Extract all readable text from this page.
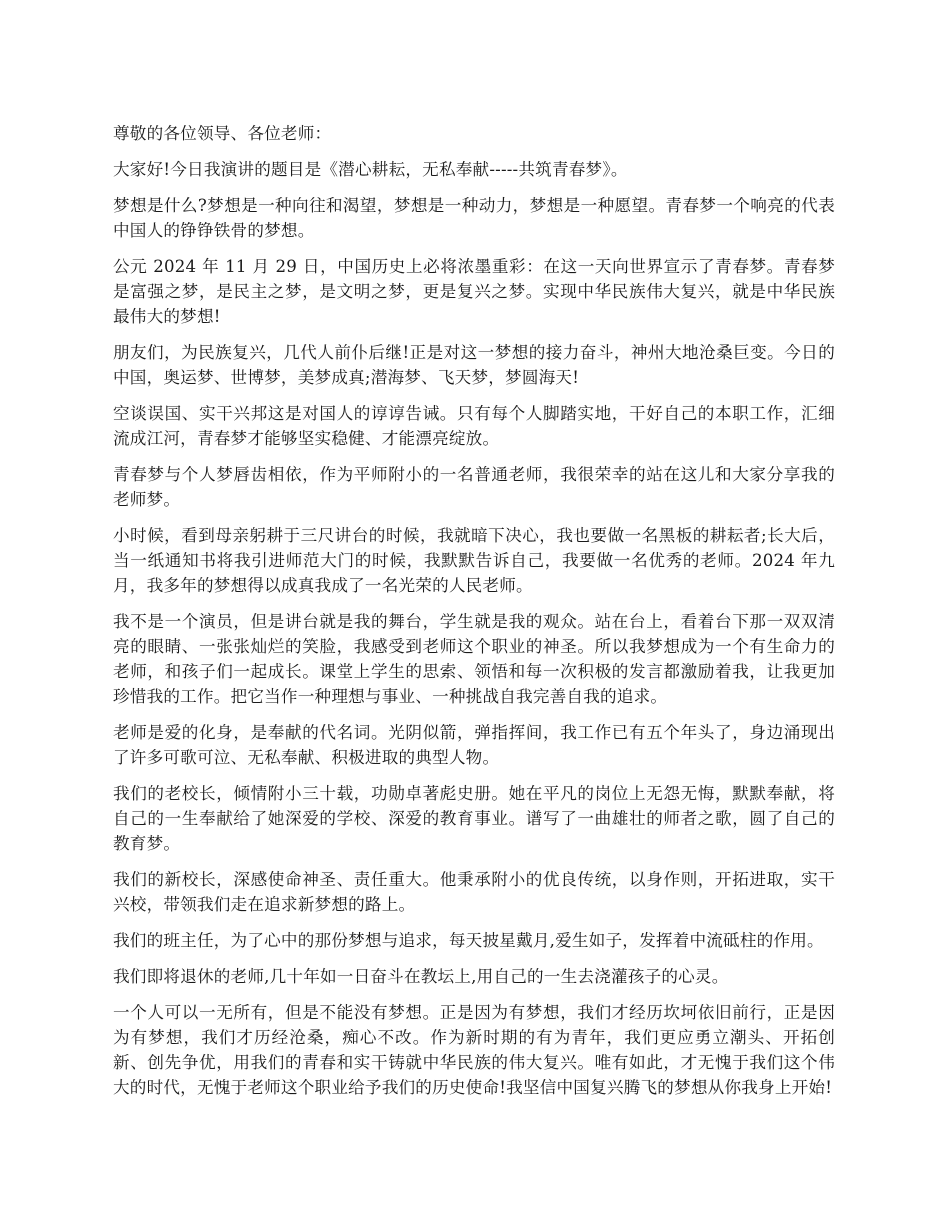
尊敬的各位领导、各位老师：

大家好!今日我演讲的题目是《潜心耕耘，无私奉献-----共筑青春梦》。

梦想是什么?梦想是一种向往和渴望，梦想是一种动力，梦想是一种愿望。青春梦一个响亮的代表中国人的铮铮铁骨的梦想。

公元 2024 年 11 月 29 日，中国历史上必将浓墨重彩：在这一天向世界宣示了青春梦。青春梦是富强之梦，是民主之梦，是文明之梦，更是复兴之梦。实现中华民族伟大复兴，就是中华民族最伟大的梦想!

朋友们，为民族复兴，几代人前仆后继!正是对这一梦想的接力奋斗，神州大地沧桑巨变。今日的中国，奥运梦、世博梦，美梦成真;潜海梦、飞天梦，梦圆海天!

空谈误国、实干兴邦这是对国人的谆谆告诫。只有每个人脚踏实地，干好自己的本职工作，汇细流成江河，青春梦才能够坚实稳健、才能漂亮绽放。

青春梦与个人梦唇齿相依，作为平师附小的一名普通老师，我很荣幸的站在这儿和大家分享我的老师梦。

小时候，看到母亲躬耕于三尺讲台的时候，我就暗下决心，我也要做一名黑板的耕耘者;长大后，当一纸通知书将我引进师范大门的时候，我默默告诉自己，我要做一名优秀的老师。2024 年九月，我多年的梦想得以成真我成了一名光荣的人民老师。

我不是一个演员，但是讲台就是我的舞台，学生就是我的观众。站在台上，看着台下那一双双清亮的眼睛、一张张灿烂的笑脸，我感受到老师这个职业的神圣。所以我梦想成为一个有生命力的老师，和孩子们一起成长。课堂上学生的思索、领悟和每一次积极的发言都激励着我，让我更加珍惜我的工作。把它当作一种理想与事业、一种挑战自我完善自我的追求。

老师是爱的化身，是奉献的代名词。光阴似箭，弹指挥间，我工作已有五个年头了，身边涌现出了许多可歌可泣、无私奉献、积极进取的典型人物。

我们的老校长，倾情附小三十载，功勋卓著彪史册。她在平凡的岗位上无怨无悔，默默奉献，将自己的一生奉献给了她深爱的学校、深爱的教育事业。谱写了一曲雄壮的师者之歌，圆了自己的教育梦。

我们的新校长，深感使命神圣、责任重大。他秉承附小的优良传统，以身作则，开拓进取，实干兴校，带领我们走在追求新梦想的路上。

我们的班主任，为了心中的那份梦想与追求，每天披星戴月,爱生如子，发挥着中流砥柱的作用。

我们即将退休的老师,几十年如一日奋斗在教坛上,用自己的一生去浇灌孩子的心灵。

一个人可以一无所有，但是不能没有梦想。正是因为有梦想，我们才经历坎坷依旧前行，正是因为有梦想，我们才历经沧桑，痴心不改。作为新时期的有为青年，我们更应勇立潮头、开拓创新、创先争优，用我们的青春和实干铸就中华民族的伟大复兴。唯有如此，才无愧于我们这个伟大的时代，无愧于老师这个职业给予我们的历史使命!我坚信中国复兴腾飞的梦想从你我身上开始!
